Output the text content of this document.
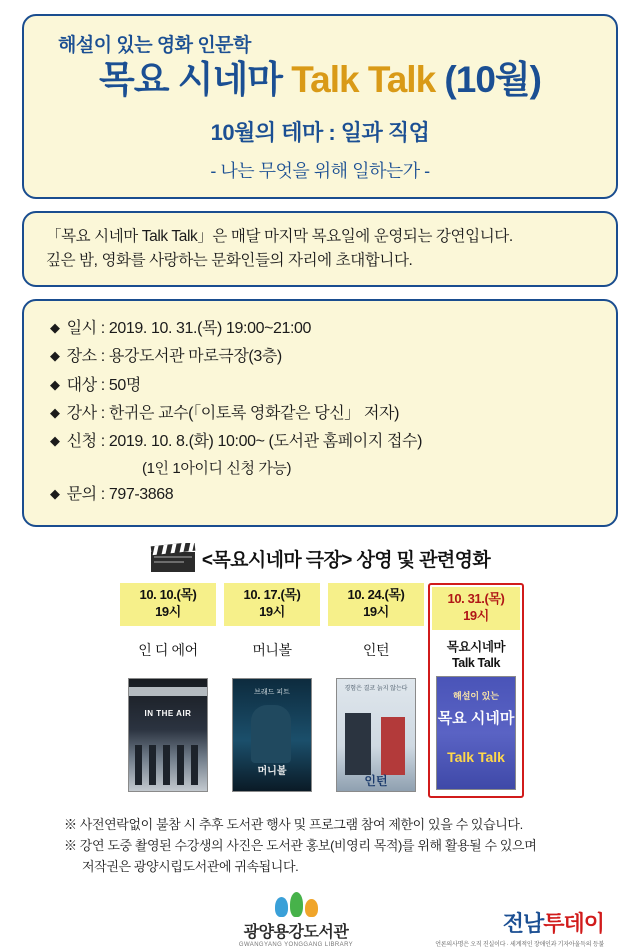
해설이 있는 영화 인문학
목요 시네마 Talk Talk (10월)
10월의 테마 : 일과 직업
- 나는 무엇을 위해 일하는가 -
「목요 시네마 Talk Talk」은 매달 마지막 목요일에 운영되는 강연입니다.
깊은 밤, 영화를 사랑하는 문화인들의 자리에 초대합니다.
◆ 일시 : 2019. 10. 31.(목) 19:00~21:00
◆ 장소 : 용강도서관 마로극장(3층)
◆ 대상 : 50명
◆ 강사 : 한귀은 교수(「이토록 영화같은 당신」 저자)
◆ 신청 : 2019. 10. 8.(화) 10:00~ (도서관 홈페이지 접수)
(1인 1아이디 신청 가능)
◆ 문의 : 797-3868
<목요시네마 극장> 상영 및 관련영화
10. 10.(목)
19시
인 디 에어
IN THE AIR
10. 17.(목)
19시
머니볼
브래드 피트
머니볼
10. 24.(목)
19시
인턴
경험은 결코 늙지 않는다
인턴
10. 31.(목)
19시
목요시네마
Talk Talk
해설이 있는
목요 시네마
Talk Talk
※ 사전연락없이 불참 시 추후 도서관 행사 및 프로그램 참여 제한이 있을 수 있습니다.
※ 강연 도중 촬영된 수강생의 사진은 도서관 홍보(비영리 목적)를 위해 활용될 수 있으며
저작권은 광양시립도서관에 귀속됩니다.
광양용강도서관
GWANGYANG YONGGANG LIBRARY
전남투데이
언론의사명은 오직 진실이다 · 세계적인 장애인과 기자아울득의 등불
